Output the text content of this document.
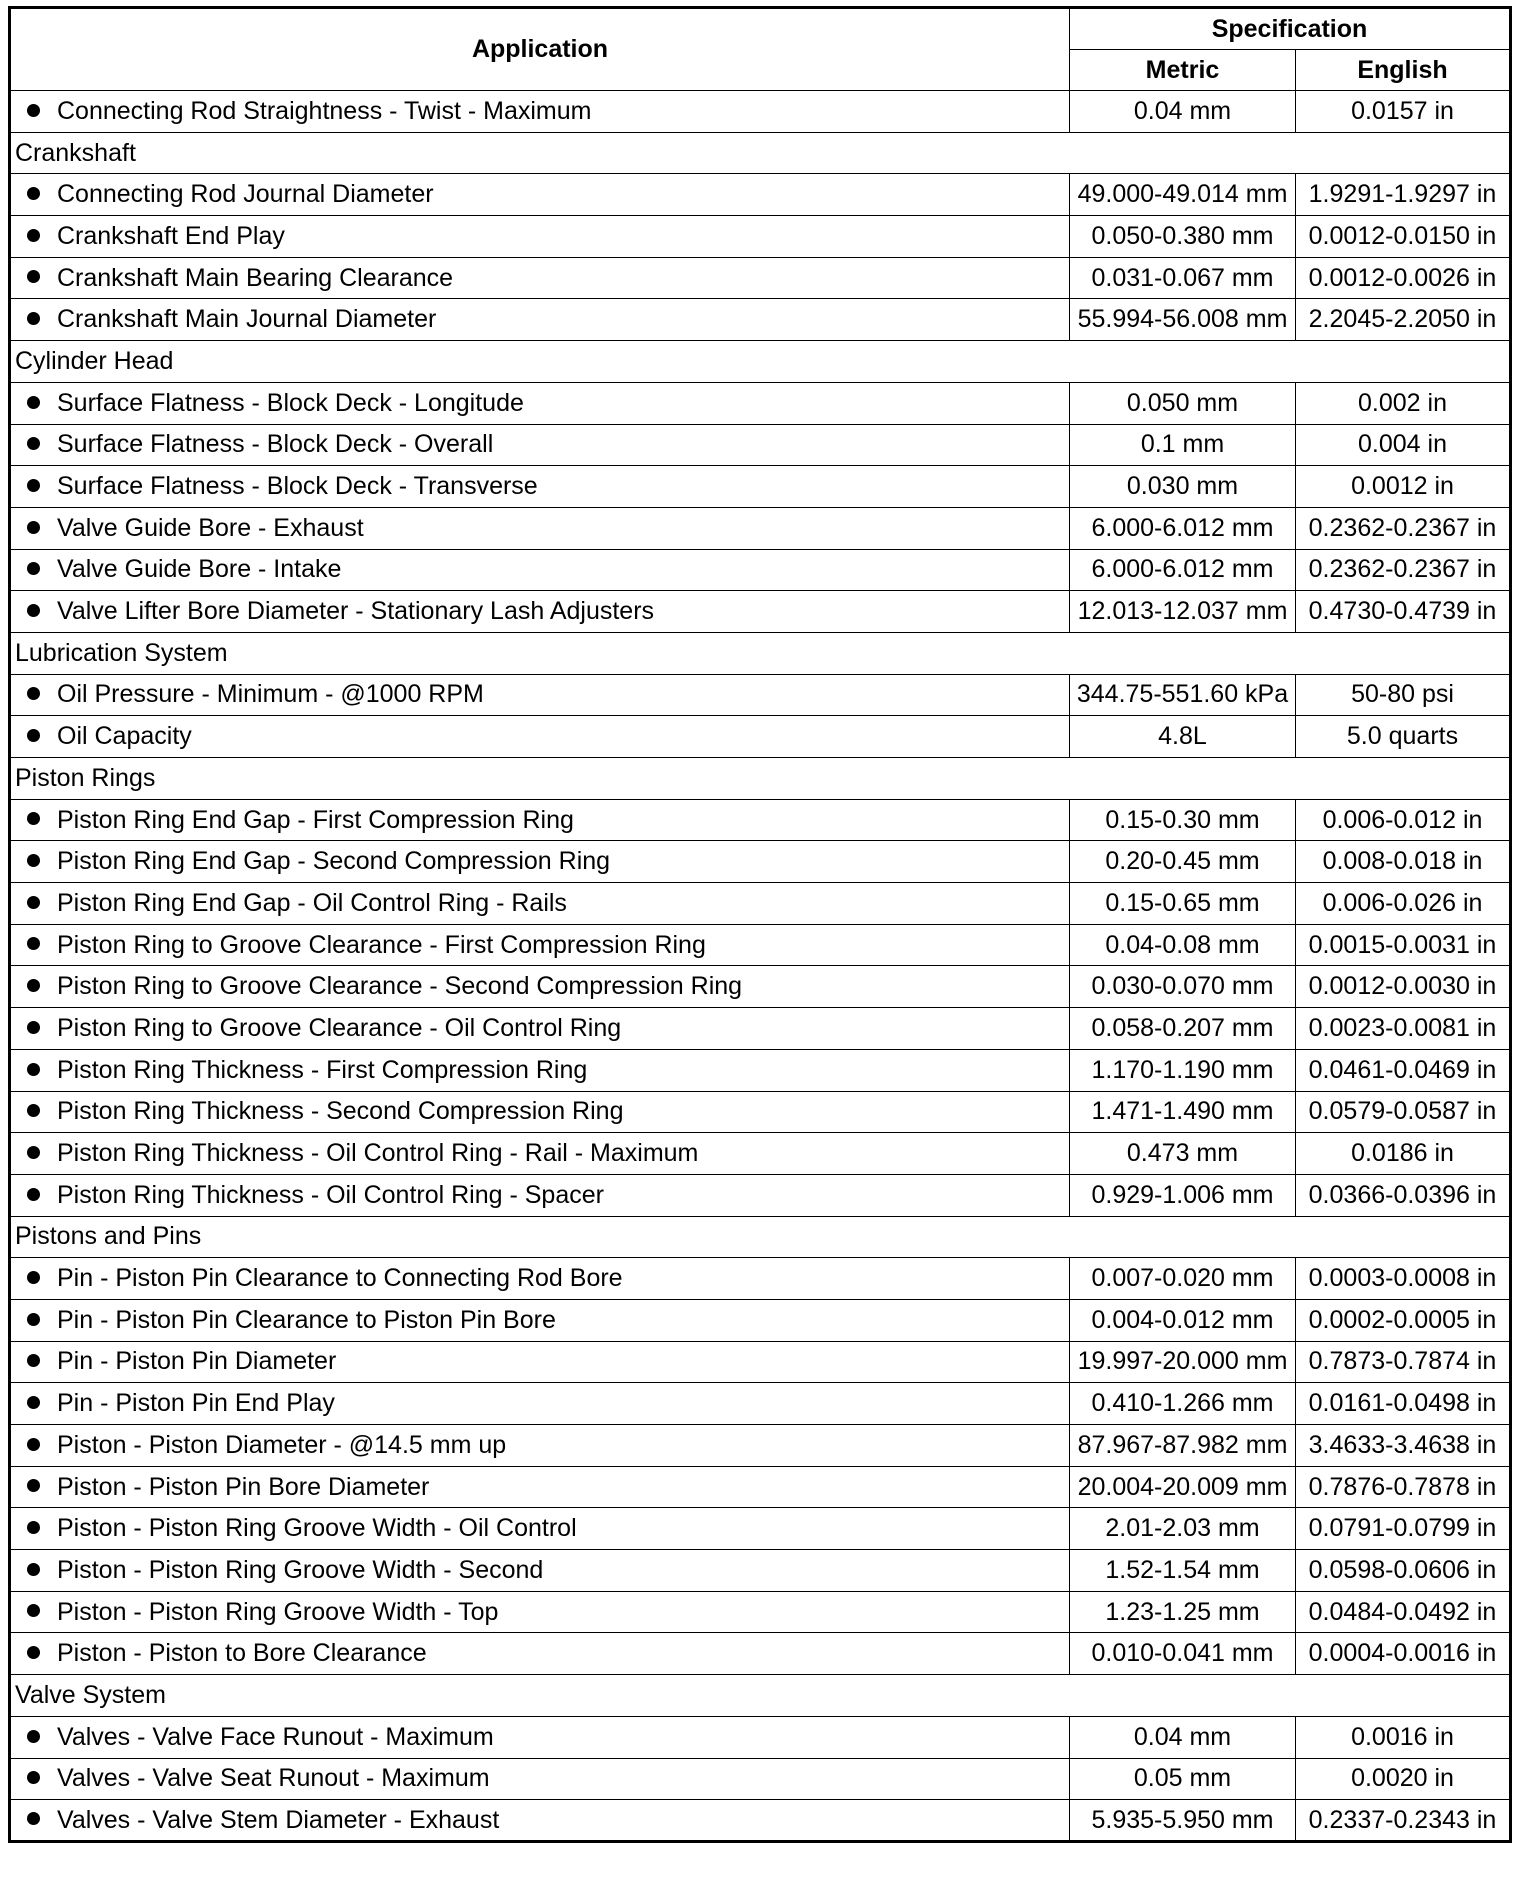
Application	Specification	
	Metric	English
Connecting Rod Straightness - Twist - Maximum	0.04 mm	0.0157 in
Crankshaft		
Connecting Rod Journal Diameter	49.000-49.014 mm	1.9291-1.9297 in
Crankshaft End Play	0.050-0.380 mm	0.0012-0.0150 in
Crankshaft Main Bearing Clearance	0.031-0.067 mm	0.0012-0.0026 in
Crankshaft Main Journal Diameter	55.994-56.008 mm	2.2045-2.2050 in
Cylinder Head		
Surface Flatness - Block Deck - Longitude	0.050 mm	0.002 in
Surface Flatness - Block Deck - Overall	0.1 mm	0.004 in
Surface Flatness - Block Deck - Transverse	0.030 mm	0.0012 in
Valve Guide Bore - Exhaust	6.000-6.012 mm	0.2362-0.2367 in
Valve Guide Bore - Intake	6.000-6.012 mm	0.2362-0.2367 in
Valve Lifter Bore Diameter - Stationary Lash Adjusters	12.013-12.037 mm	0.4730-0.4739 in
Lubrication System		
Oil Pressure - Minimum - @1000 RPM	344.75-551.60 kPa	50-80 psi
Oil Capacity	4.8L	5.0 quarts
Piston Rings		
Piston Ring End Gap - First Compression Ring	0.15-0.30 mm	0.006-0.012 in
Piston Ring End Gap - Second Compression Ring	0.20-0.45 mm	0.008-0.018 in
Piston Ring End Gap - Oil Control Ring - Rails	0.15-0.65 mm	0.006-0.026 in
Piston Ring to Groove Clearance - First Compression Ring	0.04-0.08 mm	0.0015-0.0031 in
Piston Ring to Groove Clearance - Second Compression Ring	0.030-0.070 mm	0.0012-0.0030 in
Piston Ring to Groove Clearance - Oil Control Ring	0.058-0.207 mm	0.0023-0.0081 in
Piston Ring Thickness - First Compression Ring	1.170-1.190 mm	0.0461-0.0469 in
Piston Ring Thickness - Second Compression Ring	1.471-1.490 mm	0.0579-0.0587 in
Piston Ring Thickness - Oil Control Ring - Rail - Maximum	0.473 mm	0.0186 in
Piston Ring Thickness - Oil Control Ring - Spacer	0.929-1.006 mm	0.0366-0.0396 in
Pistons and Pins		
Pin - Piston Pin Clearance to Connecting Rod Bore	0.007-0.020 mm	0.0003-0.0008 in
Pin - Piston Pin Clearance to Piston Pin Bore	0.004-0.012 mm	0.0002-0.0005 in
Pin - Piston Pin Diameter	19.997-20.000 mm	0.7873-0.7874 in
Pin - Piston Pin End Play	0.410-1.266 mm	0.0161-0.0498 in
Piston - Piston Diameter - @14.5 mm up	87.967-87.982 mm	3.4633-3.4638 in
Piston - Piston Pin Bore Diameter	20.004-20.009 mm	0.7876-0.7878 in
Piston - Piston Ring Groove Width - Oil Control	2.01-2.03 mm	0.0791-0.0799 in
Piston - Piston Ring Groove Width - Second	1.52-1.54 mm	0.0598-0.0606 in
Piston - Piston Ring Groove Width - Top	1.23-1.25 mm	0.0484-0.0492 in
Piston - Piston to Bore Clearance	0.010-0.041 mm	0.0004-0.0016 in
Valve System		
Valves - Valve Face Runout - Maximum	0.04 mm	0.0016 in
Valves - Valve Seat Runout - Maximum	0.05 mm	0.0020 in
Valves - Valve Stem Diameter - Exhaust	5.935-5.950 mm	0.2337-0.2343 in
